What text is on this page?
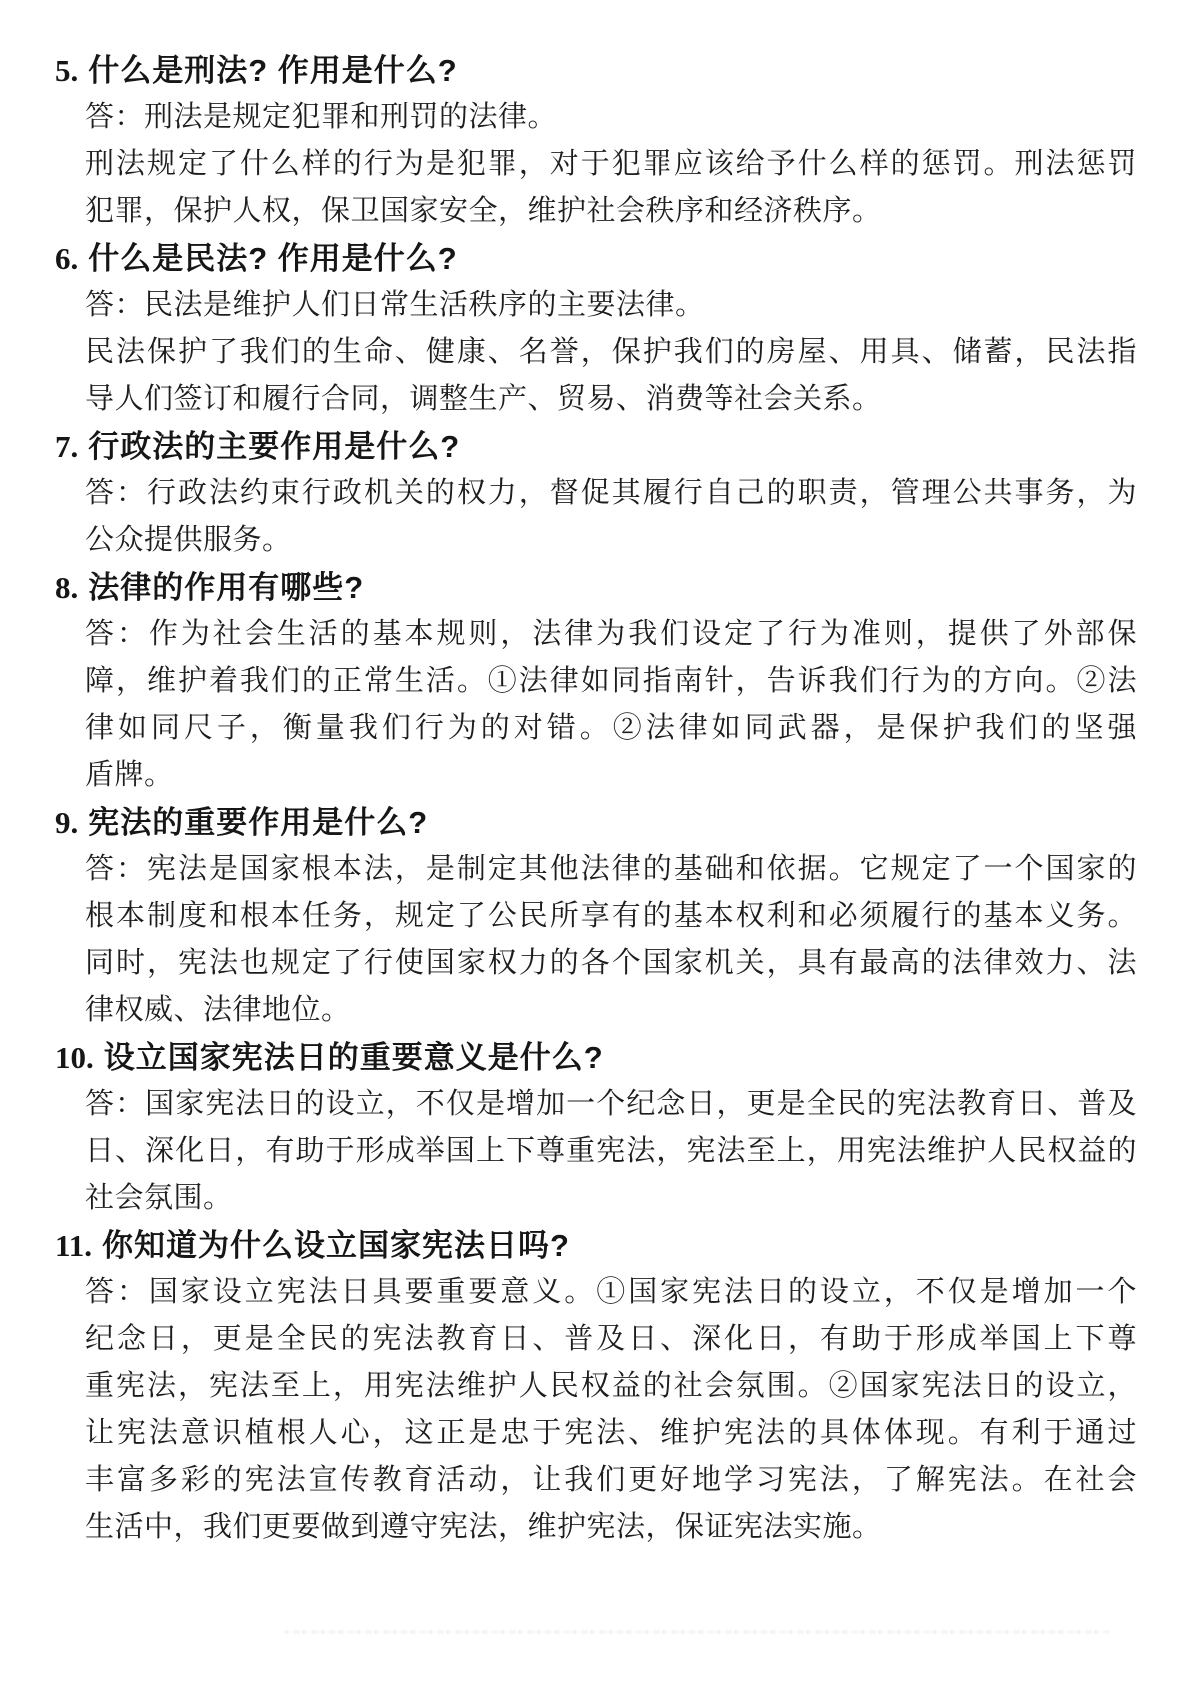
5. 什么是刑法? 作用是什么?
答：刑法是规定犯罪和刑罚的法律。
刑法规定了什么样的行为是犯罪，对于犯罪应该给予什么样的惩罚。刑法惩罚
犯罪，保护人权，保卫国家安全，维护社会秩序和经济秩序。
6. 什么是民法? 作用是什么?
答：民法是维护人们日常生活秩序的主要法律。
民法保护了我们的生命、健康、名誉，保护我们的房屋、用具、储蓄，民法指
导人们签订和履行合同，调整生产、贸易、消费等社会关系。
7. 行政法的主要作用是什么?
答：行政法约束行政机关的权力，督促其履行自己的职责，管理公共事务，为
公众提供服务。
8. 法律的作用有哪些?
答：作为社会生活的基本规则，法律为我们设定了行为准则，提供了外部保
障，维护着我们的正常生活。①法律如同指南针，告诉我们行为的方向。②法
律如同尺子，衡量我们行为的对错。②法律如同武器，是保护我们的坚强
盾牌。
9. 宪法的重要作用是什么?
答：宪法是国家根本法，是制定其他法律的基础和依据。它规定了一个国家的
根本制度和根本任务，规定了公民所享有的基本权利和必须履行的基本义务。
同时，宪法也规定了行使国家权力的各个国家机关，具有最高的法律效力、法
律权威、法律地位。
10. 设立国家宪法日的重要意义是什么?
答：国家宪法日的设立，不仅是增加一个纪念日，更是全民的宪法教育日、普及
日、深化日，有助于形成举国上下尊重宪法，宪法至上，用宪法维护人民权益的
社会氛围。
11. 你知道为什么设立国家宪法日吗?
答：国家设立宪法日具要重要意义。①国家宪法日的设立，不仅是增加一个
纪念日，更是全民的宪法教育日、普及日、深化日，有助于形成举国上下尊
重宪法，宪法至上，用宪法维护人民权益的社会氛围。②国家宪法日的设立，
让宪法意识植根人心，这正是忠于宪法、维护宪法的具体体现。有利于通过
丰富多彩的宪法宣传教育活动，让我们更好地学习宪法，了解宪法。在社会
生活中，我们更要做到遵守宪法，维护宪法，保证宪法实施。
